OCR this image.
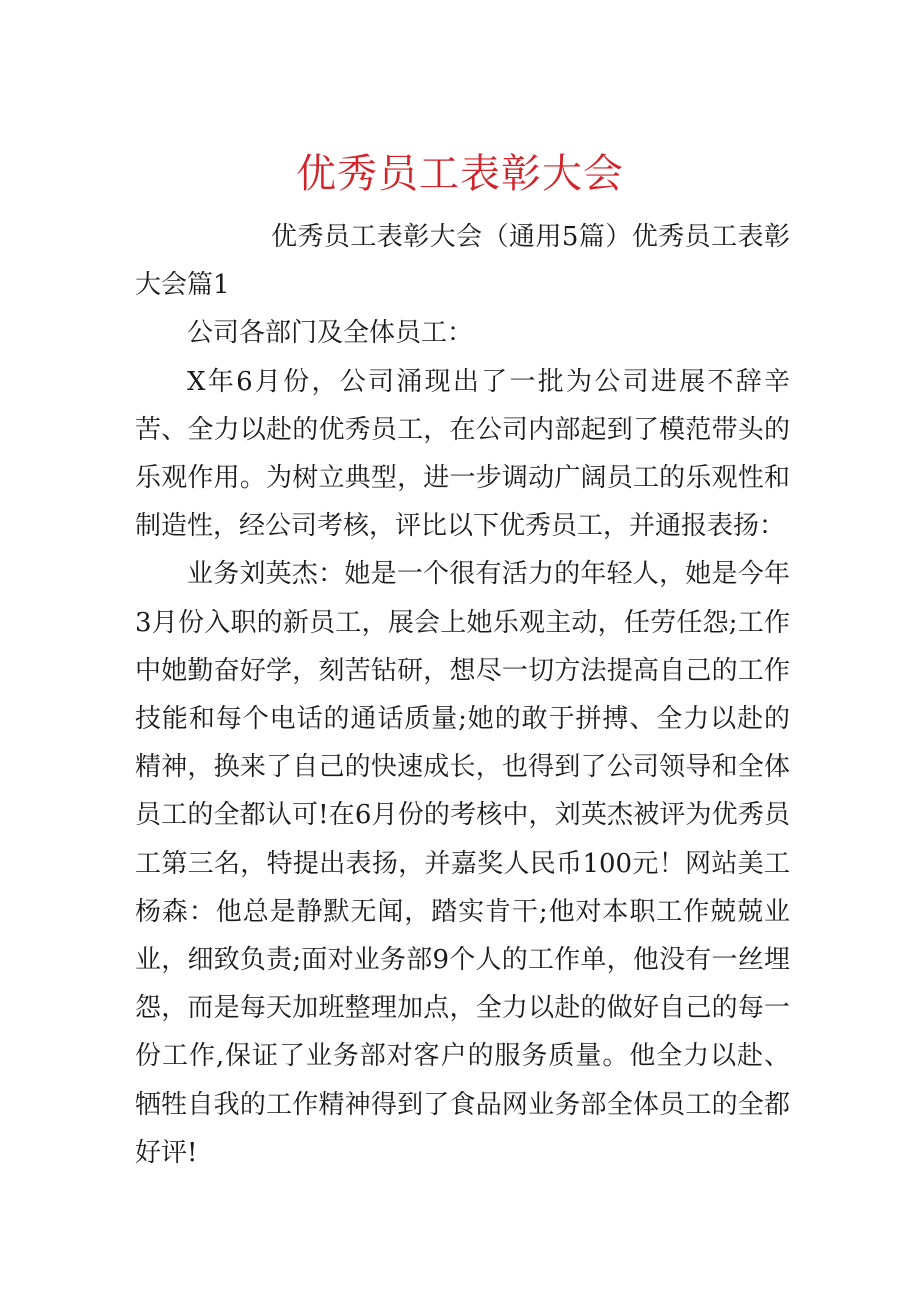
优秀员工表彰大会

优秀员工表彰大会（通用5篇）优秀员工表彰大会篇1

公司各部门及全体员工：

X年6月份，公司涌现出了一批为公司进展不辞辛苦、全力以赴的优秀员工，在公司内部起到了模范带头的乐观作用。为树立典型，进一步调动广阔员工的乐观性和制造性，经公司考核，评比以下优秀员工，并通报表扬：

业务刘英杰：她是一个很有活力的年轻人，她是今年3月份入职的新员工，展会上她乐观主动，任劳任怨;工作中她勤奋好学，刻苦钻研，想尽一切方法提高自己的工作技能和每个电话的通话质量;她的敢于拼搏、全力以赴的精神，换来了自己的快速成长，也得到了公司领导和全体员工的全都认可!在6月份的考核中，刘英杰被评为优秀员工第三名，特提出表扬，并嘉奖人民币100元！网站美工杨森：他总是静默无闻，踏实肯干;他对本职工作兢兢业业，细致负责;面对业务部9个人的工作单，他没有一丝埋怨，而是每天加班整理加点，全力以赴的做好自己的每一份工作,保证了业务部对客户的服务质量。他全力以赴、牺牲自我的工作精神得到了食品网业务部全体员工的全都好评!
